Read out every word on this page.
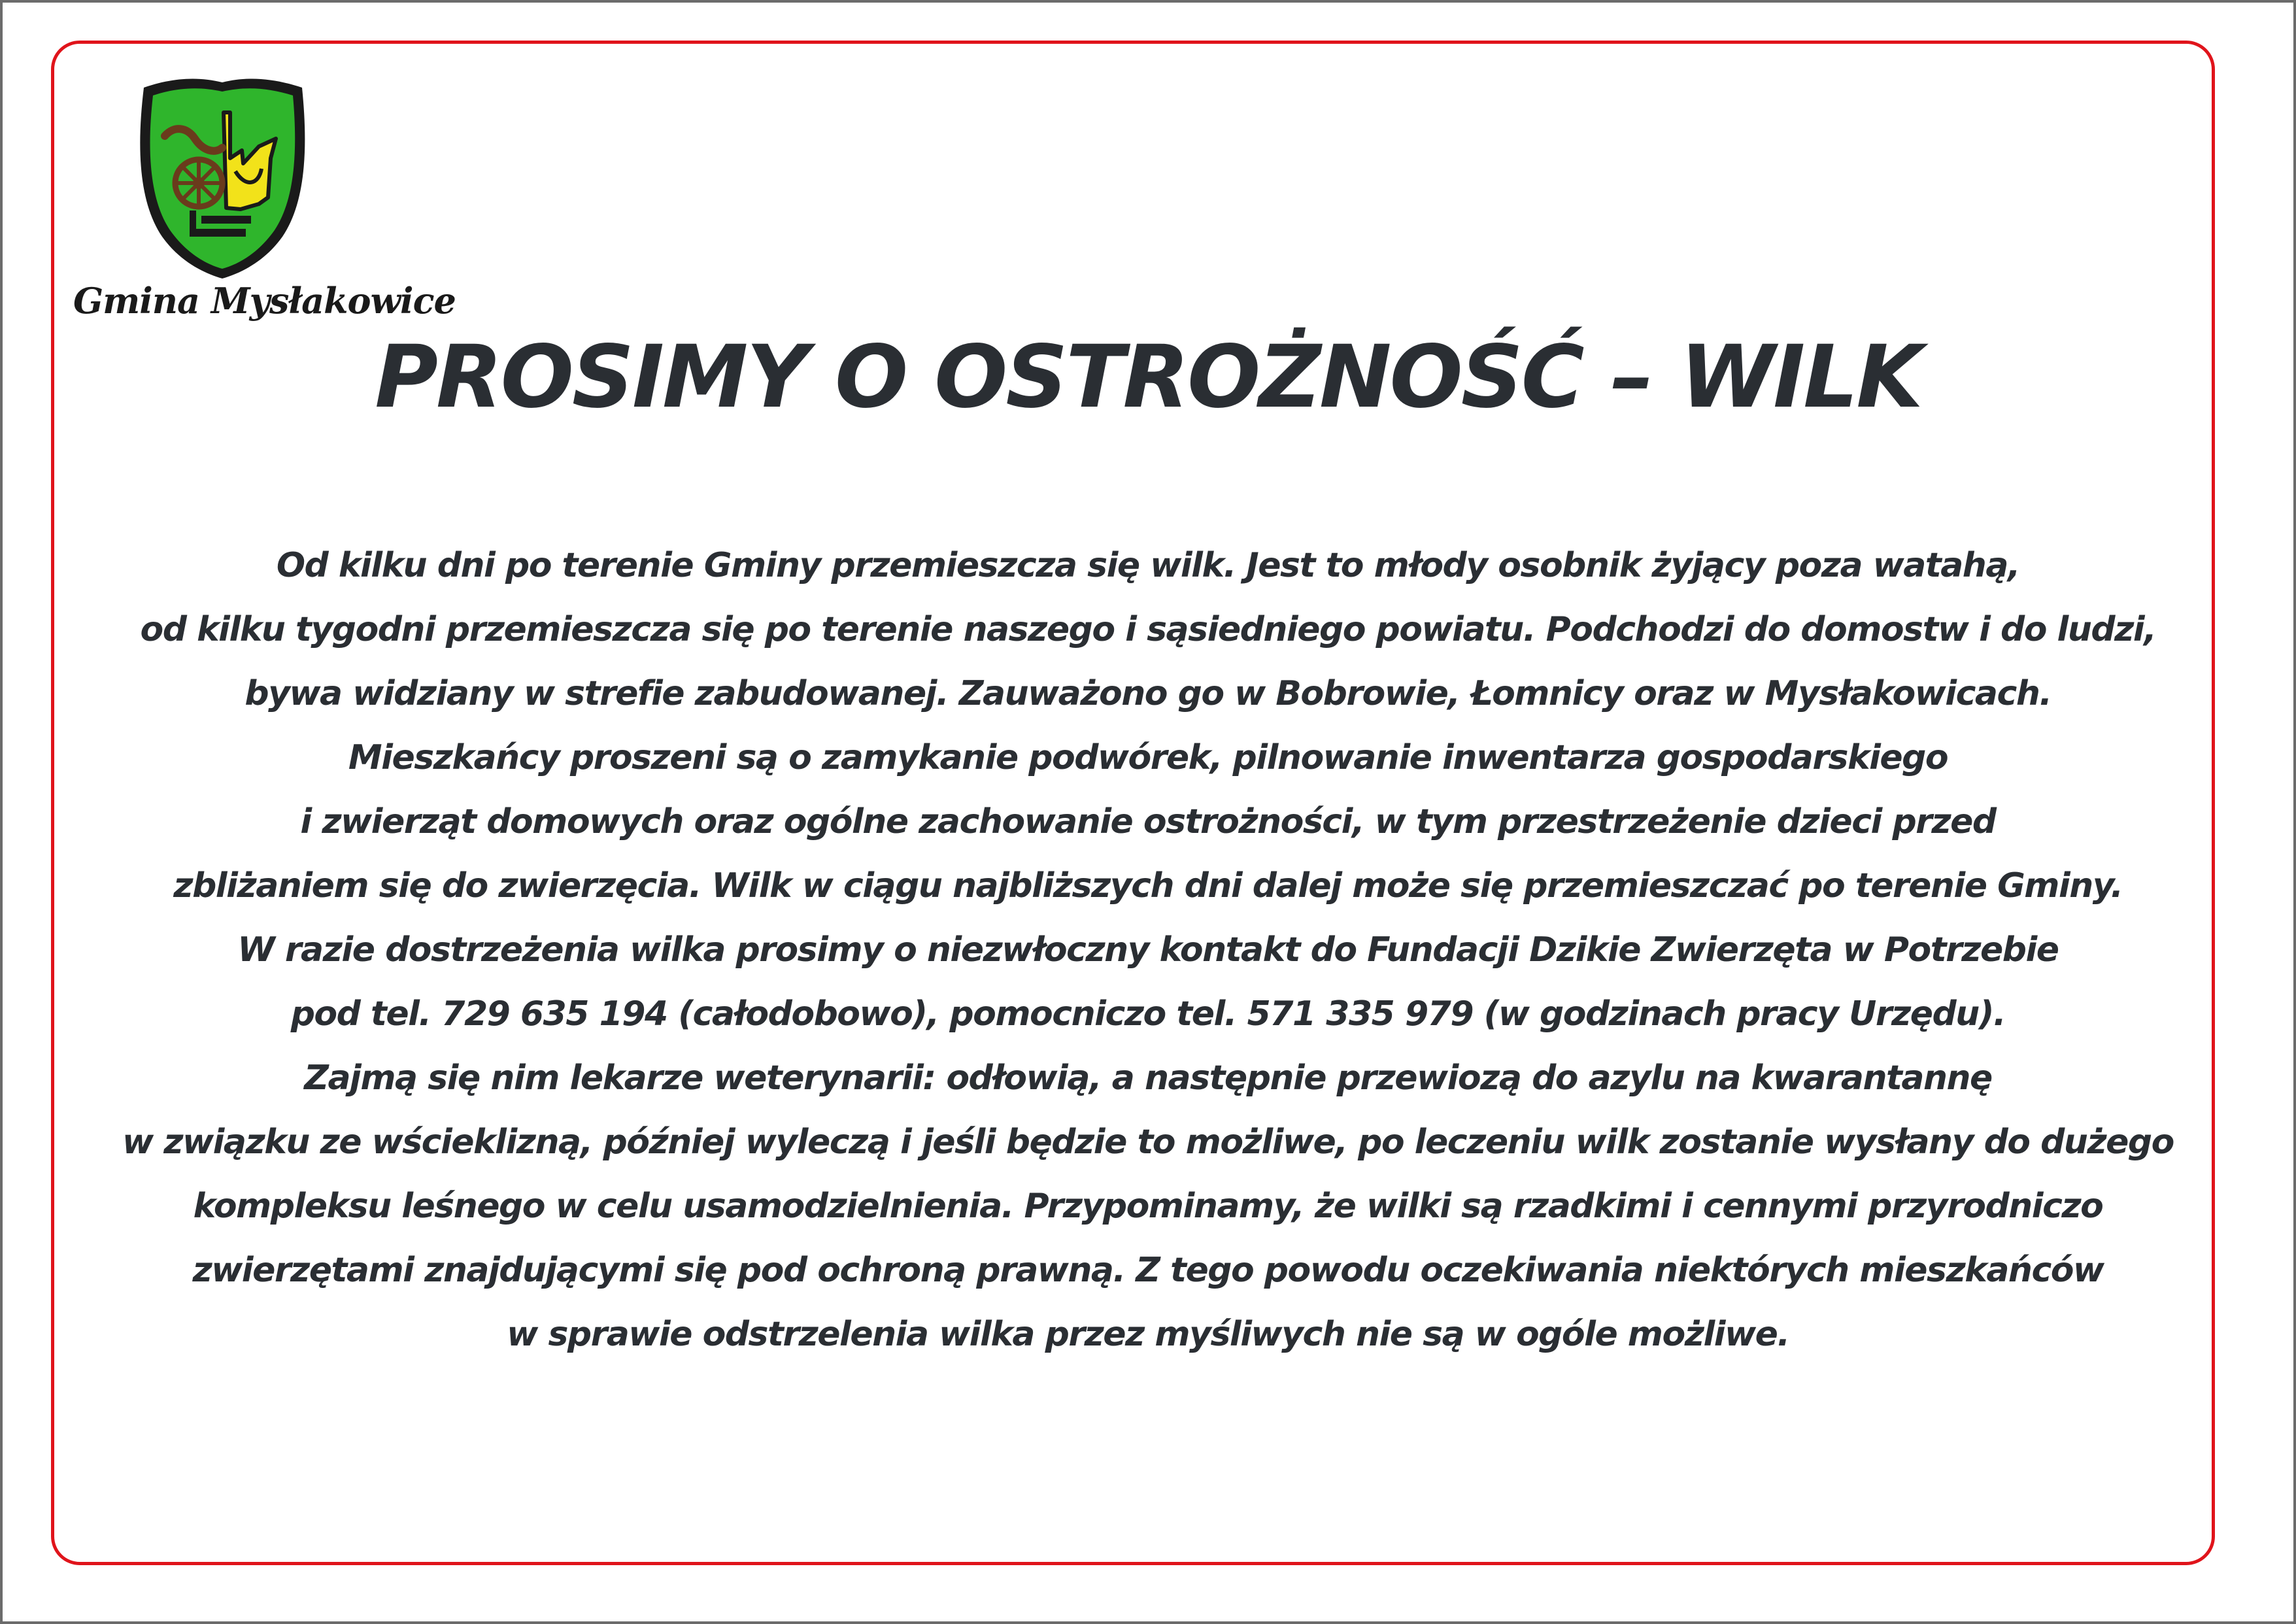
Gmina Mysłakowice
PROSIMY O OSTROŻNOŚĆ – WILK
Od kilku dni po terenie Gminy przemieszcza się wilk. Jest to młody osobnik żyjący poza watahą,
od kilku tygodni przemieszcza się po terenie naszego i sąsiedniego powiatu. Podchodzi do domostw i do ludzi,
bywa widziany w strefie zabudowanej. Zauważono go w Bobrowie, Łomnicy oraz w Mysłakowicach.
Mieszkańcy proszeni są o zamykanie podwórek, pilnowanie inwentarza gospodarskiego
i zwierząt domowych oraz ogólne zachowanie ostrożności, w tym przestrzeżenie dzieci przed
zbliżaniem się do zwierzęcia. Wilk w ciągu najbliższych dni dalej może się przemieszczać po terenie Gminy.
W razie dostrzeżenia wilka prosimy o niezwłoczny kontakt do Fundacji Dzikie Zwierzęta w Potrzebie
pod tel. 729 635 194 (całodobowo), pomocniczo tel. 571 335 979 (w godzinach pracy Urzędu).
Zajmą się nim lekarze weterynarii: odłowią, a następnie przewiozą do azylu na kwarantannę
w związku ze wścieklizną, później wyleczą i jeśli będzie to możliwe, po leczeniu wilk zostanie wysłany do dużego
kompleksu leśnego w celu usamodzielnienia. Przypominamy, że wilki są rzadkimi i cennymi przyrodniczo
zwierzętami znajdującymi się pod ochroną prawną. Z tego powodu oczekiwania niektórych mieszkańców
w sprawie odstrzelenia wilka przez myśliwych nie są w ogóle możliwe.
